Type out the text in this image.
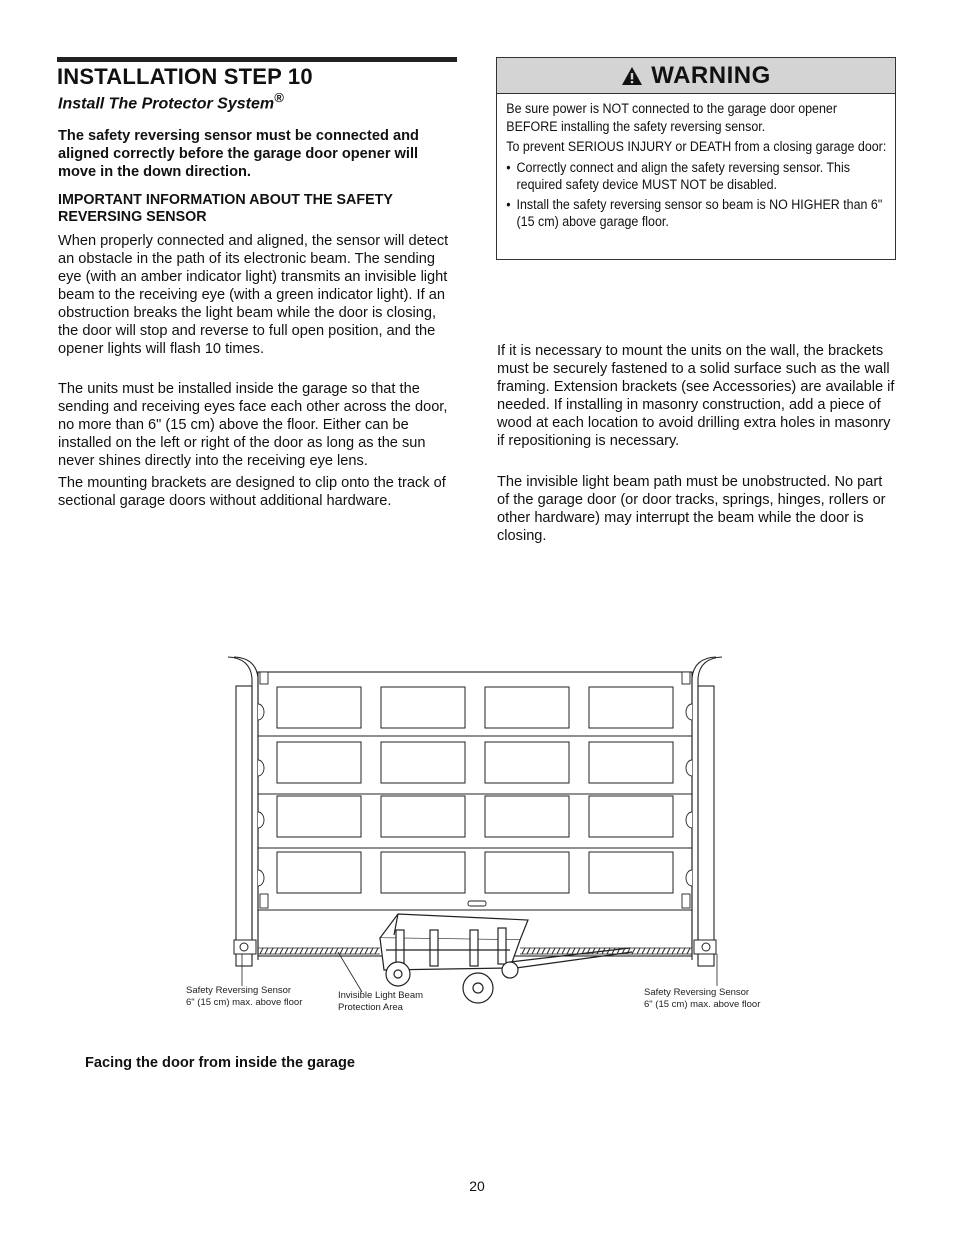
INSTALLATION STEP 10
Install The Protector System®
The safety reversing sensor must be connected and aligned correctly before the garage door opener will move in the down direction.
IMPORTANT INFORMATION ABOUT THE SAFETY REVERSING SENSOR

When properly connected and aligned, the sensor will detect an obstacle in the path of its electronic beam. The sending eye (with an amber indicator light) transmits an invisible light beam to the receiving eye (with a green indicator light). If an obstruction breaks the light beam while the door is closing, the door will stop and reverse to full open position, and the opener lights will flash 10 times.

The units must be installed inside the garage so that the sending and receiving eyes face each other across the door, no more than 6" (15 cm) above the floor. Either can be installed on the left or right of the door as long as the sun never shines directly into the receiving eye lens.

The mounting brackets are designed to clip onto the track of sectional garage doors without additional hardware.

WARNING

Be sure power is NOT connected to the garage door opener BEFORE installing the safety reversing sensor.

To prevent SERIOUS INJURY or DEATH from a closing garage door:

• Correctly connect and align the safety reversing sensor. This required safety device MUST NOT be disabled.
• Install the safety reversing sensor so beam is NO HIGHER than 6" (15 cm) above garage floor.

If it is necessary to mount the units on the wall, the brackets must be securely fastened to a solid surface such as the wall framing. Extension brackets (see Accessories) are available if needed. If installing in masonry construction, add a piece of wood at each location to avoid drilling extra holes in masonry if repositioning is necessary.

The invisible light beam path must be unobstructed. No part of the garage door (or door tracks, springs, hinges, rollers or other hardware) may interrupt the beam while the door is closing.

Safety Reversing Sensor
6" (15 cm) max. above floor
Invisible Light Beam
Protection Area
Safety Reversing Sensor
6" (15 cm) max. above floor
Facing the door from inside the garage
20
